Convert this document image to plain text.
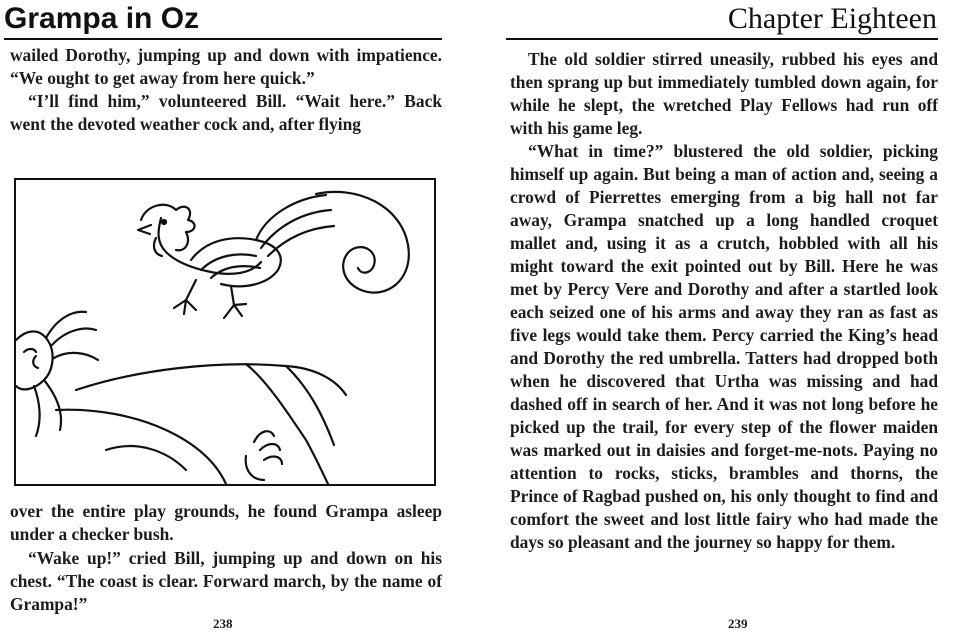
Grampa in Oz

wailed Dorothy, jumping up and down with impatience. “We ought to get away from here quick.”

“I’ll find him,” volunteered Bill. “Wait here.” Back went the devoted weather cock and, after flying

over the entire play grounds, he found Grampa asleep under a checker bush.

“Wake up!” cried Bill, jumping up and down on his chest. “The coast is clear. Forward march, by the name of Grampa!”

238
Chapter Eighteen

The old soldier stirred uneasily, rubbed his eyes and then sprang up but immediately tumbled down again, for while he slept, the wretched Play Fellows had run off with his game leg.

“What in time?” blustered the old soldier, picking himself up again. But being a man of action and, seeing a crowd of Pierrettes emerging from a big hall not far away, Grampa snatched up a long handled croquet mallet and, using it as a crutch, hobbled with all his might toward the exit pointed out by Bill. Here he was met by Percy Vere and Dorothy and after a startled look each seized one of his arms and away they ran as fast as five legs would take them. Percy carried the King’s head and Dorothy the red umbrella. Tatters had dropped both when he discovered that Urtha was missing and had dashed off in search of her. And it was not long before he picked up the trail, for every step of the flower maiden was marked out in daisies and forget-me-nots. Paying no attention to rocks, sticks, brambles and thorns, the Prince of Ragbad pushed on, his only thought to find and comfort the sweet and lost little fairy who had made the days so pleasant and the journey so happy for them.

239
